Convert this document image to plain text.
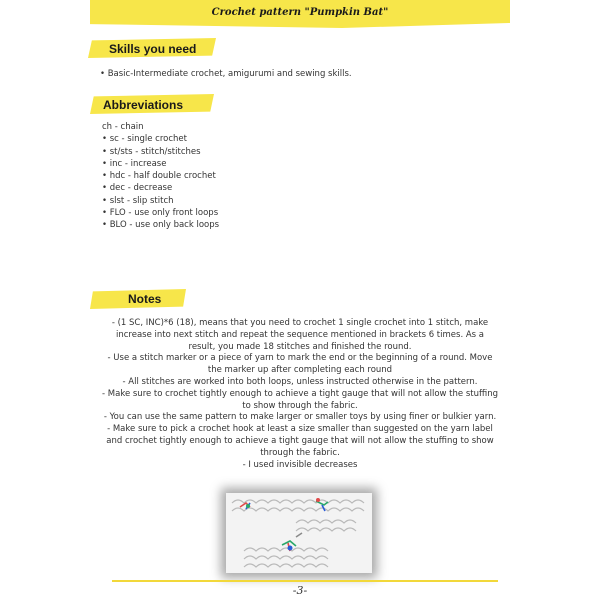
Crochet pattern "Pumpkin Bat"
Skills you need
• Basic-Intermediate crochet, amigurumi and sewing skills.
Abbreviations
ch - chain
• sc - single crochet
• st/sts - stitch/stitches
• inc - increase
• hdc - half double crochet
• dec - decrease
• slst - slip stitch
• FLO - use only front loops
• BLO - use only back loops
Notes

- (1 SC, INC)*6 (18), means that you need to crochet 1 single crochet into 1 stitch, make

increase into next stitch and repeat the sequence mentioned in brackets 6 times. As a

result, you made 18 stitches and finished the round.

- Use a stitch marker or a piece of yarn to mark the end or the beginning of a round. Move

the marker up after completing each round

- All stitches are worked into both loops, unless instructed otherwise in the pattern.

- Make sure to crochet tightly enough to achieve a tight gauge that will not allow the stuffing

to show through the fabric.

- You can use the same pattern to make larger or smaller toys by using finer or bulkier yarn.

- Make sure to pick a crochet hook at least a size smaller than suggested on the yarn label

and crochet tightly enough to achieve a tight gauge that will not allow the stuffing to show

through the fabric.

- I used invisible decreases

-3-
